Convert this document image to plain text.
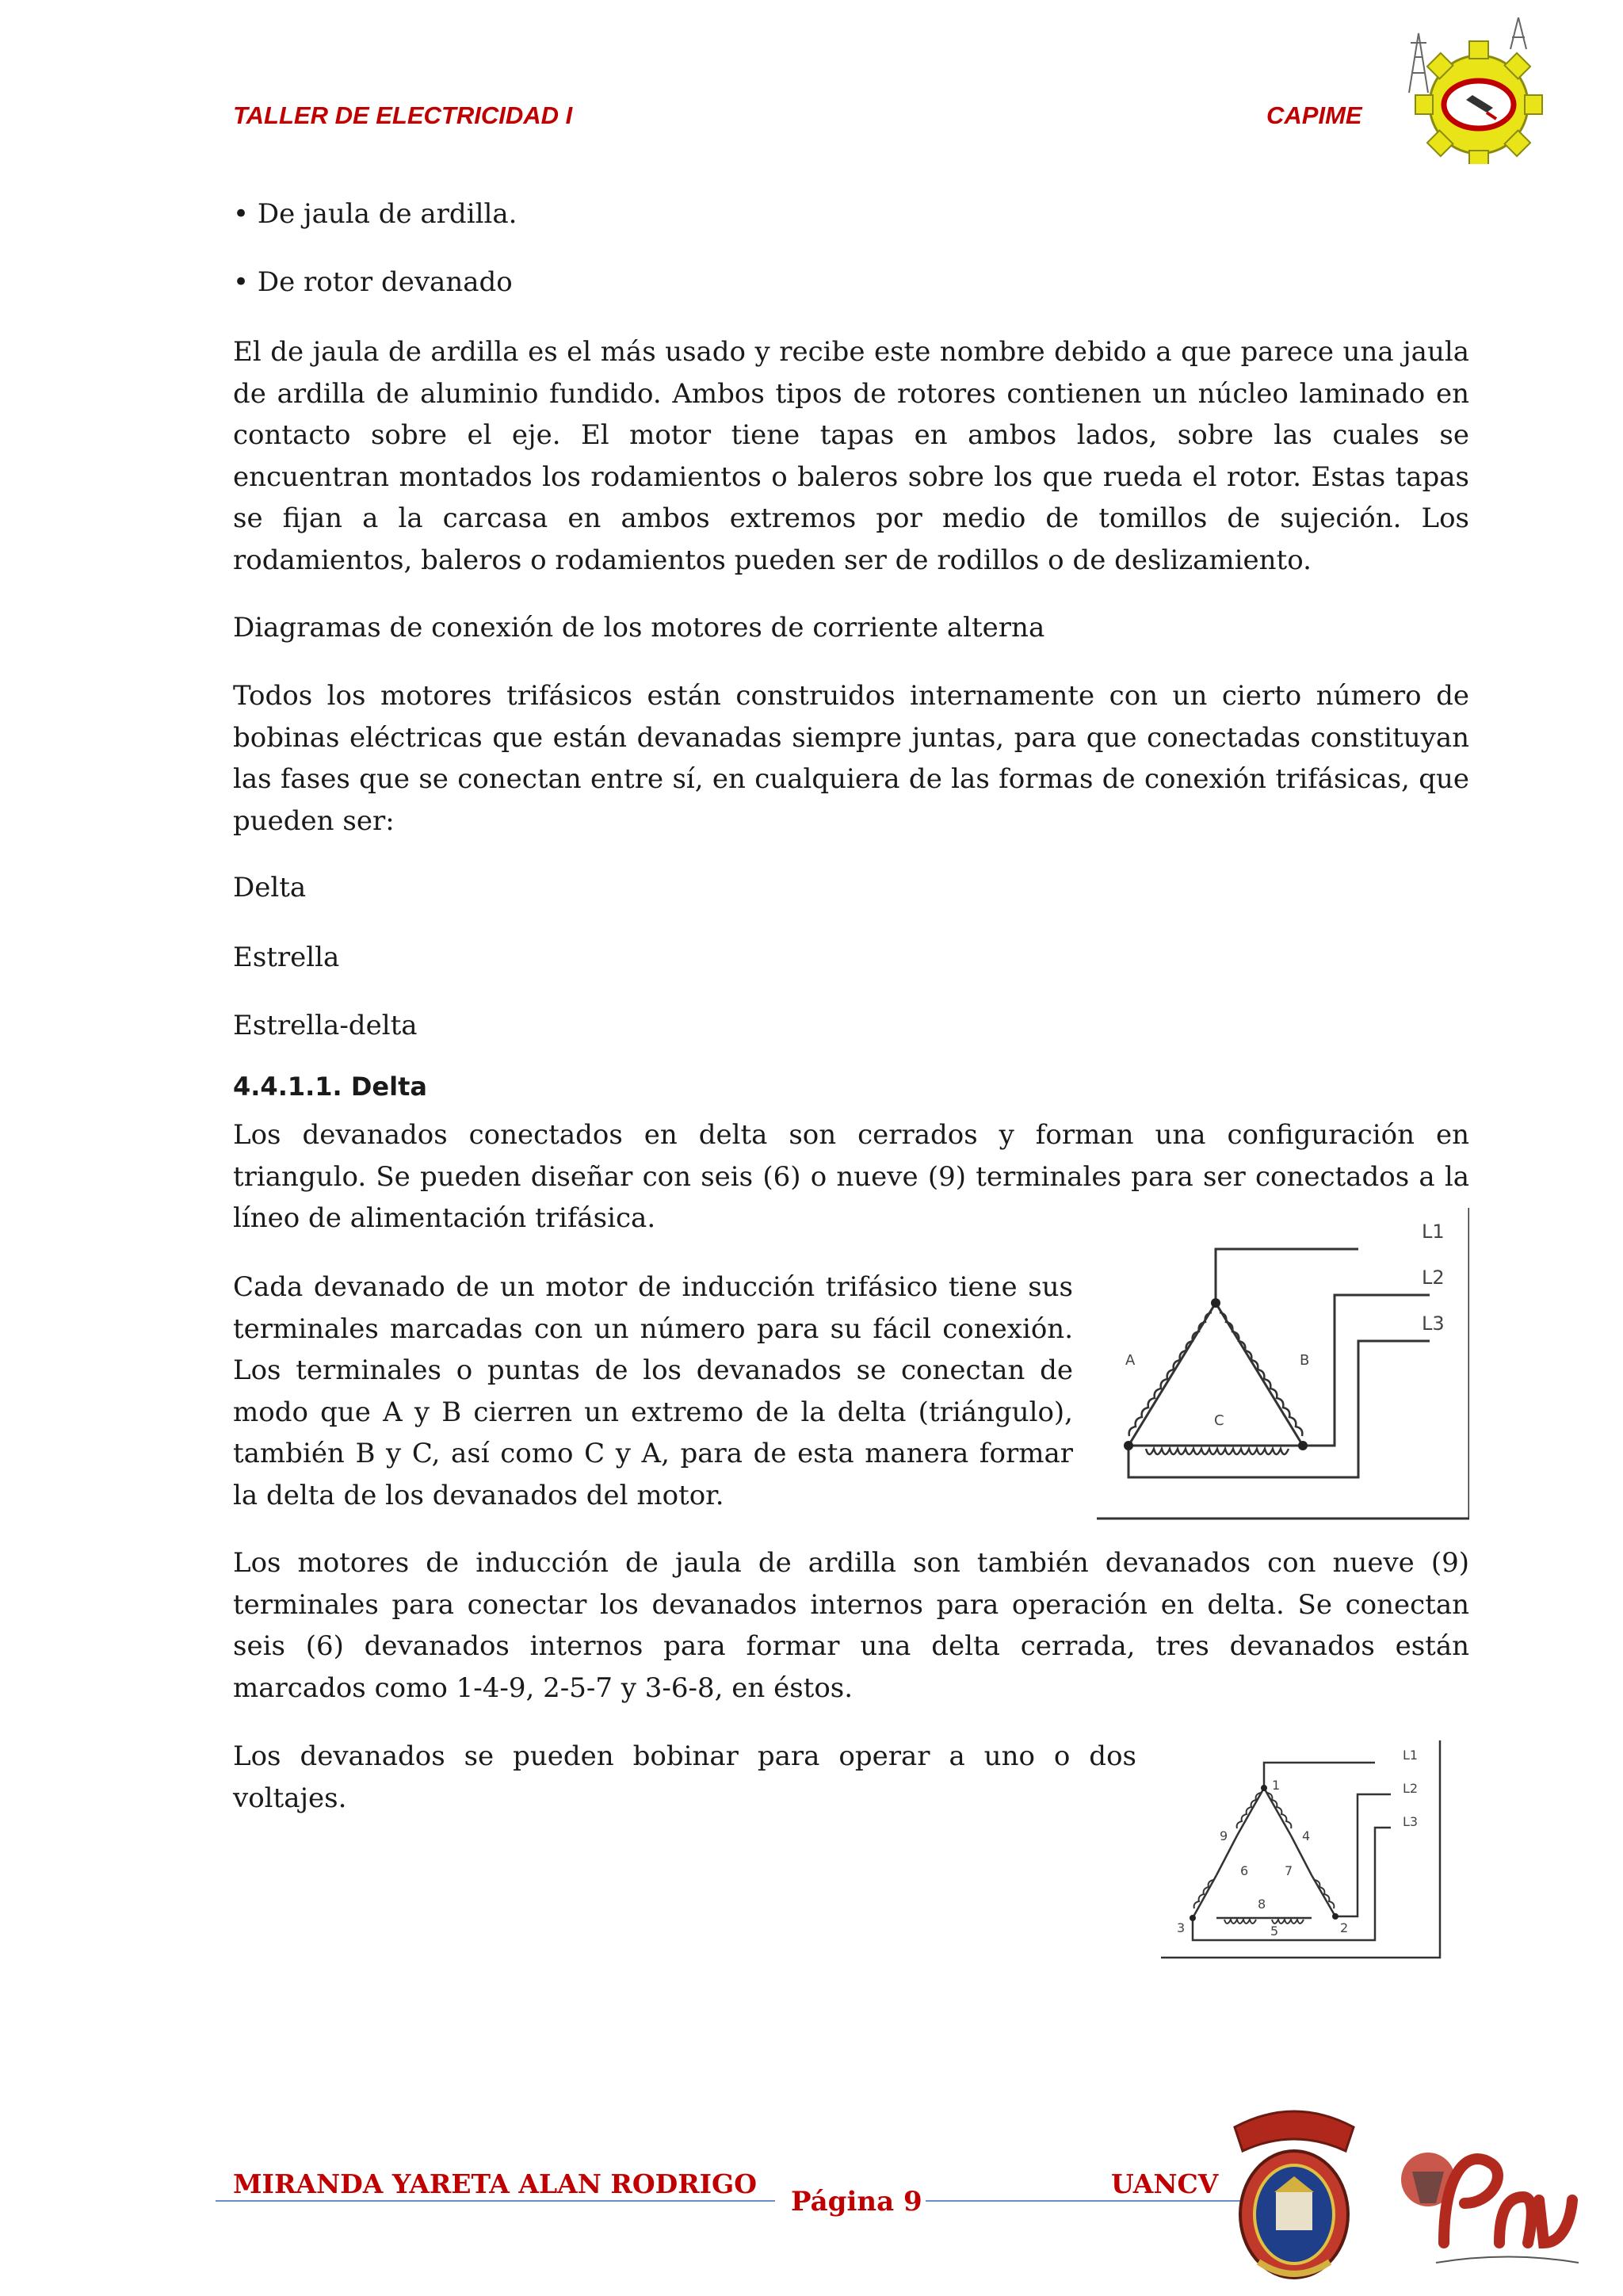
TALLER DE ELECTRICIDAD I	CAPIME
• De jaula de ardilla.
• De rotor devanado

El de jaula de ardilla es el más usado y recibe este nombre debido a que parece una jaula de ardilla de aluminio fundido. Ambos tipos de rotores contienen un núcleo laminado en contacto sobre el eje. El motor tiene tapas en ambos lados, sobre las cuales se encuentran montados los rodamientos o baleros sobre los que rueda el rotor. Estas tapas se fijan a la carcasa en ambos extremos por medio de tomillos de sujeción. Los rodamientos, baleros o rodamientos pueden ser de rodillos o de deslizamiento.

Diagramas de conexión de los motores de corriente alterna

Todos los motores trifásicos están construidos internamente con un cierto número de bobinas eléctricas que están devanadas siempre juntas, para que conectadas constituyan las fases que se conectan entre sí, en cualquiera de las formas de conexión trifásicas, que pueden ser:

Delta
Estrella
Estrella-delta
4.4.1.1. Delta

Los devanados conectados en delta son cerrados y forman una configuración en triangulo. Se pueden diseñar con seis (6) o nueve (9) terminales para ser conectados a la líneo de alimentación trifásica.

Cada devanado de un motor de inducción trifásico tiene sus terminales marcadas con un número para su fácil conexión. Los terminales o puntas de los devanados se conectan de modo que A y B cierren un extremo de la delta (triángulo), también B y C, así como C y A, para de esta manera formar la delta de los devanados del motor.

Los motores de inducción de jaula de ardilla son también devanados con nueve (9) terminales para conectar los devanados internos para operación en delta. Se conectan seis (6) devanados internos para formar una delta cerrada, tres devanados están marcados como 1-4-9, 2-5-7 y 3-6-8, en éstos.

Los devanados se pueden bobinar para operar a uno o dos voltajes.

L1
L2
L3
A	B
C
L1
L2
L3
1
2
3
4
5
6	7
8
9
MIRANDA YARETA ALAN RODRIGO
Página 9
UANCV
